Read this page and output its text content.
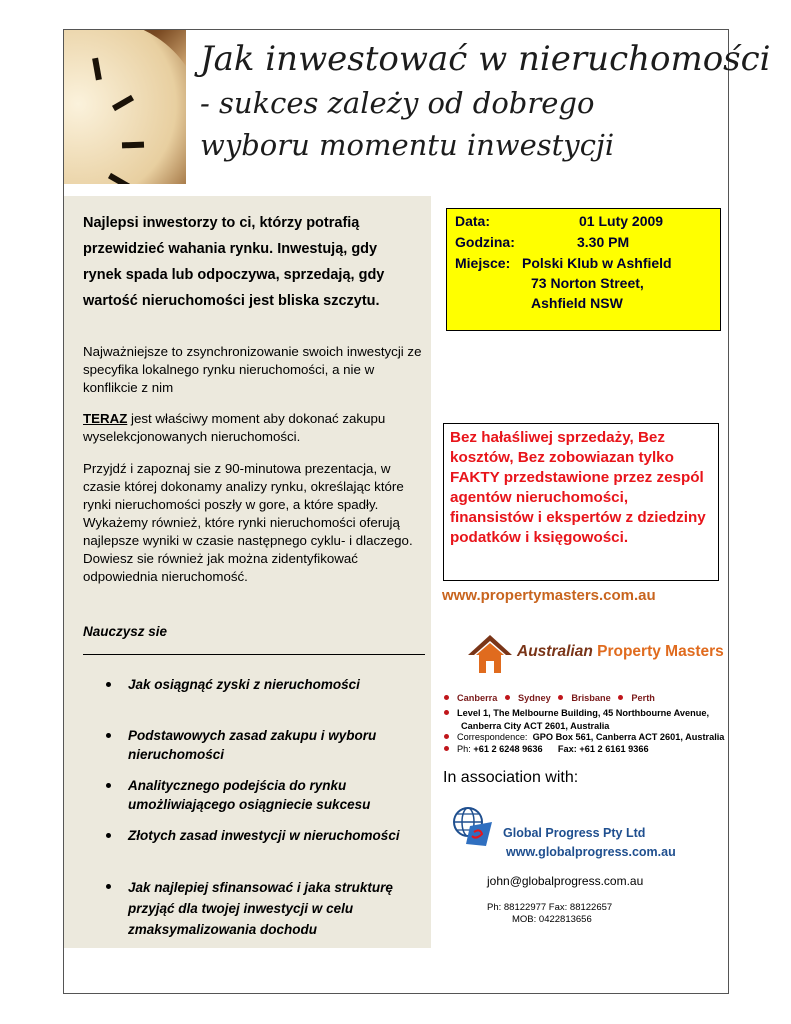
Jak inwestować w nieruchomości
- sukces zależy od dobrego
wyboru momentu inwestycji
Najlepsi inwestorzy to ci, którzy potrafią przewidzieć wahania rynku. Inwestują, gdy rynek spada lub odpoczywa, sprzedają, gdy wartość nieruchomości jest bliska szczytu.
Najważniejsze to zsynchronizowanie swoich inwestycji ze specyfika lokalnego rynku nieruchomości, a nie w konflikcie z nim
TERAZ jest właściwy moment aby dokonać zakupu wyselekcjonowanych nieruchomości.
Przyjdź i zapoznaj sie z 90-minutowa prezentacja, w czasie której dokonamy analizy rynku, określając które rynki nieruchomości poszły w gore, a które spadły. Wykażemy również, które rynki nieruchomości oferują najlepsze wyniki w czasie następnego cyklu- i dlaczego. Dowiesz sie również jak można zidentyfikować odpowiednia nieruchomość.
Nauczysz sie
Jak osiągnąć zyski z nieruchomości
Podstawowych zasad zakupu i wyboru nieruchomości
Analitycznego podejścia do rynku umożliwiającego osiągniecie sukcesu
Złotych zasad inwestycji w nieruchomości
Jak najlepiej sfinansować i jaka strukturę przyjąć dla twojej inwestycji w celu zmaksymalizowania dochodu
Data:	01 Luty 2009
Godzina:	3.30 PM
Miejsce: Polski Klub w Ashfield
73 Norton Street,
Ashfield NSW
Bez hałaśliwej sprzedaży, Bez kosztów, Bez zobowiazan tylko FAKTY przedstawione przez zespól agentów nieruchomości, finansistów i ekspertów z dziedziny podatków i księgowości.
www.propertymasters.com.au
Australian Property Masters
Canberra Sydney Brisbane Perth
Level 1, The Melbourne Building, 45 Northbourne Avenue,
Canberra City ACT 2601, Australia
Correspondence: GPO Box 561, Canberra ACT 2601, Australia
Ph: +61 2 6248 9636 Fax: +61 2 6161 9366
In association with:
Global Progress Pty Ltd
www.globalprogress.com.au
john@globalprogress.com.au
Ph: 88122977 Fax: 88122657
MOB: 0422813656
